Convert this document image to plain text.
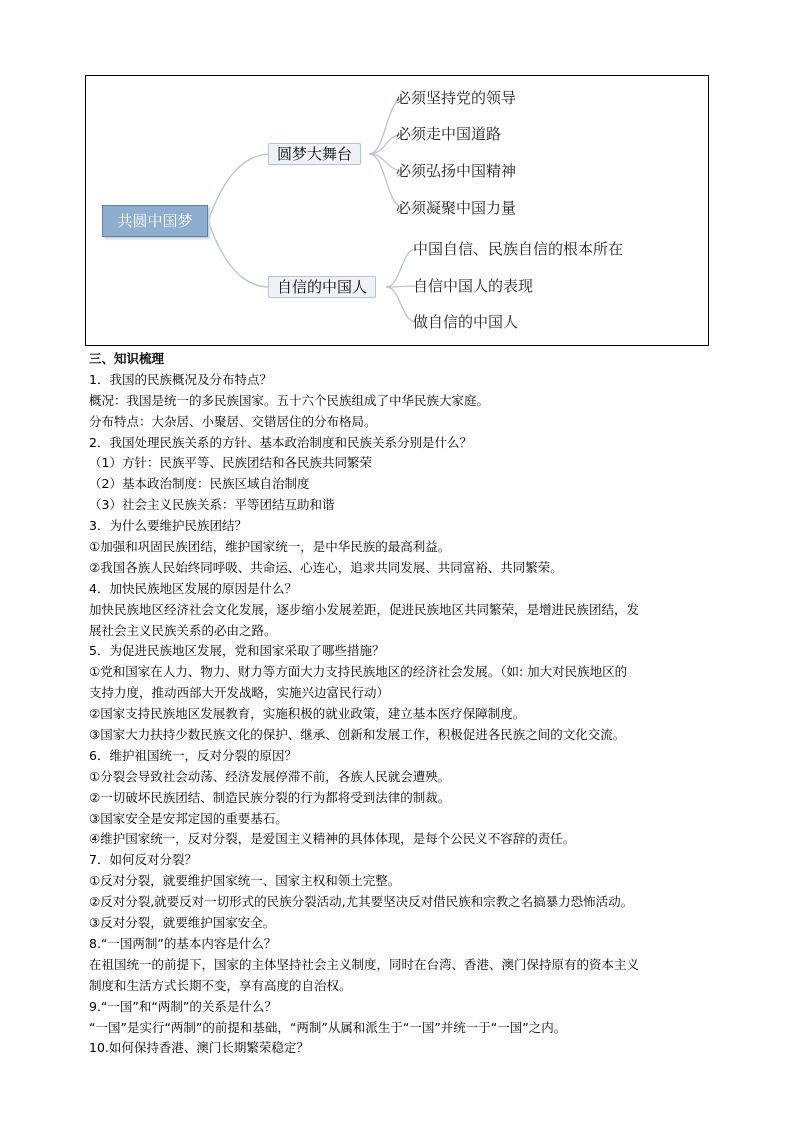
共圆中国梦
圆梦大舞台
自信的中国人
必须坚持党的领导
必须走中国道路
必须弘扬中国精神
必须凝聚中国力量
中国自信、民族自信的根本所在
自信中国人的表现
做自信的中国人
三、知识梳理
1．我国的民族概况及分布特点？
概况：我国是统一的多民族国家。五十六个民族组成了中华民族大家庭。
分布特点：大杂居、小聚居、交错居住的分布格局。
2．我国处理民族关系的方针、基本政治制度和民族关系分别是什么？
（1）方针：民族平等、民族团结和各民族共同繁荣
（2）基本政治制度：民族区域自治制度
（3）社会主义民族关系：平等团结互助和谐
3．为什么要维护民族团结？
①加强和巩固民族团结，维护国家统一，是中华民族的最高利益。
②我国各族人民始终同呼吸、共命运、心连心，追求共同发展、共同富裕、共同繁荣。
4．加快民族地区发展的原因是什么？
加快民族地区经济社会文化发展，逐步缩小发展差距，促进民族地区共同繁荣，是增进民族团结，发
展社会主义民族关系的必由之路。
5．为促进民族地区发展，党和国家采取了哪些措施？
①党和国家在人力、物力、财力等方面大力支持民族地区的经济社会发展。（如: 加大对民族地区的
支持力度，推动西部大开发战略，实施兴边富民行动）
②国家支持民族地区发展教育，实施积极的就业政策，建立基本医疗保障制度。
③国家大力扶持少数民族文化的保护、继承、创新和发展工作，积极促进各民族之间的文化交流。
6．维护祖国统一，反对分裂的原因？
①分裂会导致社会动荡、经济发展停滞不前，各族人民就会遭殃。
②一切破坏民族团结、制造民族分裂的行为都将受到法律的制裁。
③国家安全是安邦定国的重要基石。
④维护国家统一，反对分裂，是爱国主义精神的具体体现，是每个公民义不容辞的责任。
7．如何反对分裂？
①反对分裂，就要维护国家统一、国家主权和领土完整。
②反对分裂,就要反对一切形式的民族分裂活动,尤其要坚决反对借民族和宗教之名搞暴力恐怖活动。
③反对分裂，就要维护国家安全。
8.“一国两制”的基本内容是什么？
在祖国统一的前提下，国家的主体坚持社会主义制度，同时在台湾、香港、澳门保持原有的资本主义
制度和生活方式长期不变，享有高度的自治权。
9.“一国”和“两制”的关系是什么？
“一国”是实行“两制”的前提和基础，“两制”从属和派生于“一国”并统一于“一国”之内。
10.如何保持香港、澳门长期繁荣稳定？
